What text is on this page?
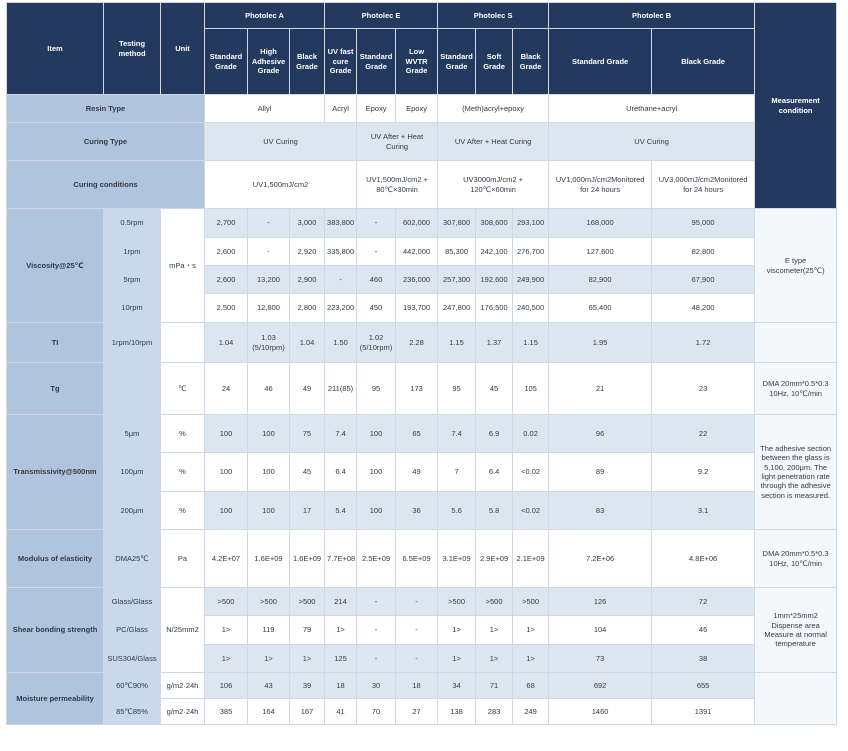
Item	Testing method	Unit	Photolec A			Photolec E			Photolec S			Photolec B		Measurement condition
			Standard Grade	High Adhesive Grade	Black Grade	UV fast cure Grade	Standard Grade	Low WVTR Grade	Standard Grade	Soft Grade	Black Grade	Standard Grade	Black Grade	
Resin Type			Allyl			Acryl	Epoxy	Epoxy	(Meth)acryl+epoxy			Urethane+acryl		
Curing Type			UV Curing				UV After + Heat Curing		UV After + Heat Curing			UV Curing		
Curing conditions			UV1,500mJ/cm2				UV1,500mJ/cm2 + 80℃×30min		UV3000mJ/cm2 + 120℃×60min			UV1,000mJ/cm2Monitored for 24 hours	UV3,000mJ/cm2Monitored for 24 hours	
Viscosity@25℃	0.5rpm	mPa・s	2,700	-	3,000	383,800	-	602,000	307,800	308,600	293,100	168,000	95,000	E type viscometer(25℃)
	1rpm		2,600	-	2,920	335,800	-	442,000	85,300	242,100	276,700	127,600	82,800	
	5rpm		2,600	13,200	2,900	-	460	236,000	257,300	192,600	249,900	82,900	67,900	
	10rpm		2,500	12,800	2,800	223,200	450	193,700	247,800	176,500	240,500	65,400	48,200	
TI	1rpm/10rpm		1.04	1.03 (5/10rpm)	1.04	1.50	1.02 (5/10rpm)	2.28	1.15	1.37	1.15	1.95	1.72	
Tg		℃	24	46	49	211(85)	95	173	95	45	105	21	23	DMA 20mm*0.5*0.3 10Hz, 10℃/min
Transmissivity@500nm	5μm	%	100	100	75	7.4	100	65	7.4	6.9	0.02	96	22	The adhesive section between the glass is 5,100, 200μm. The light penetration rate through the adhesive section is measured.
	100μm	%	100	100	45	6.4	100	49	7	6.4	<0.02	89	9.2	
	200μm	%	100	100	17	5.4	100	36	5.6	5.8	<0.02	83	3.1	
Modulus of elasticity	DMA25℃	Pa	4.2E+07	1.6E+09	1.6E+09	7.7E+08	2.5E+09	6.5E+09	3.1E+09	2.9E+09	2.1E+09	7.2E+06	4.8E+06	DMA 20mm*0.5*0.3 10Hz, 10℃/min
Shear bonding strength	Glass/Glass	N/25mm2	>500	>500	>500	214	-	-	>500	>500	>500	126	72	1mm*25mm2 Dispense area Measure at normal temperature
	PC/Glass		1>	119	79	1>	-	-	1>	1>	1>	104	46	
	SUS304/Glass		1>	1>	1>	125	-	-	1>	1>	1>	73	38	
Moisture permeability	60℃90%	g/m2·24h	106	43	39	18	30	18	34	71	68	692	655	
	85℃85%	g/m2·24h	385	164	167	41	70	27	138	283	249	1460	1391	
